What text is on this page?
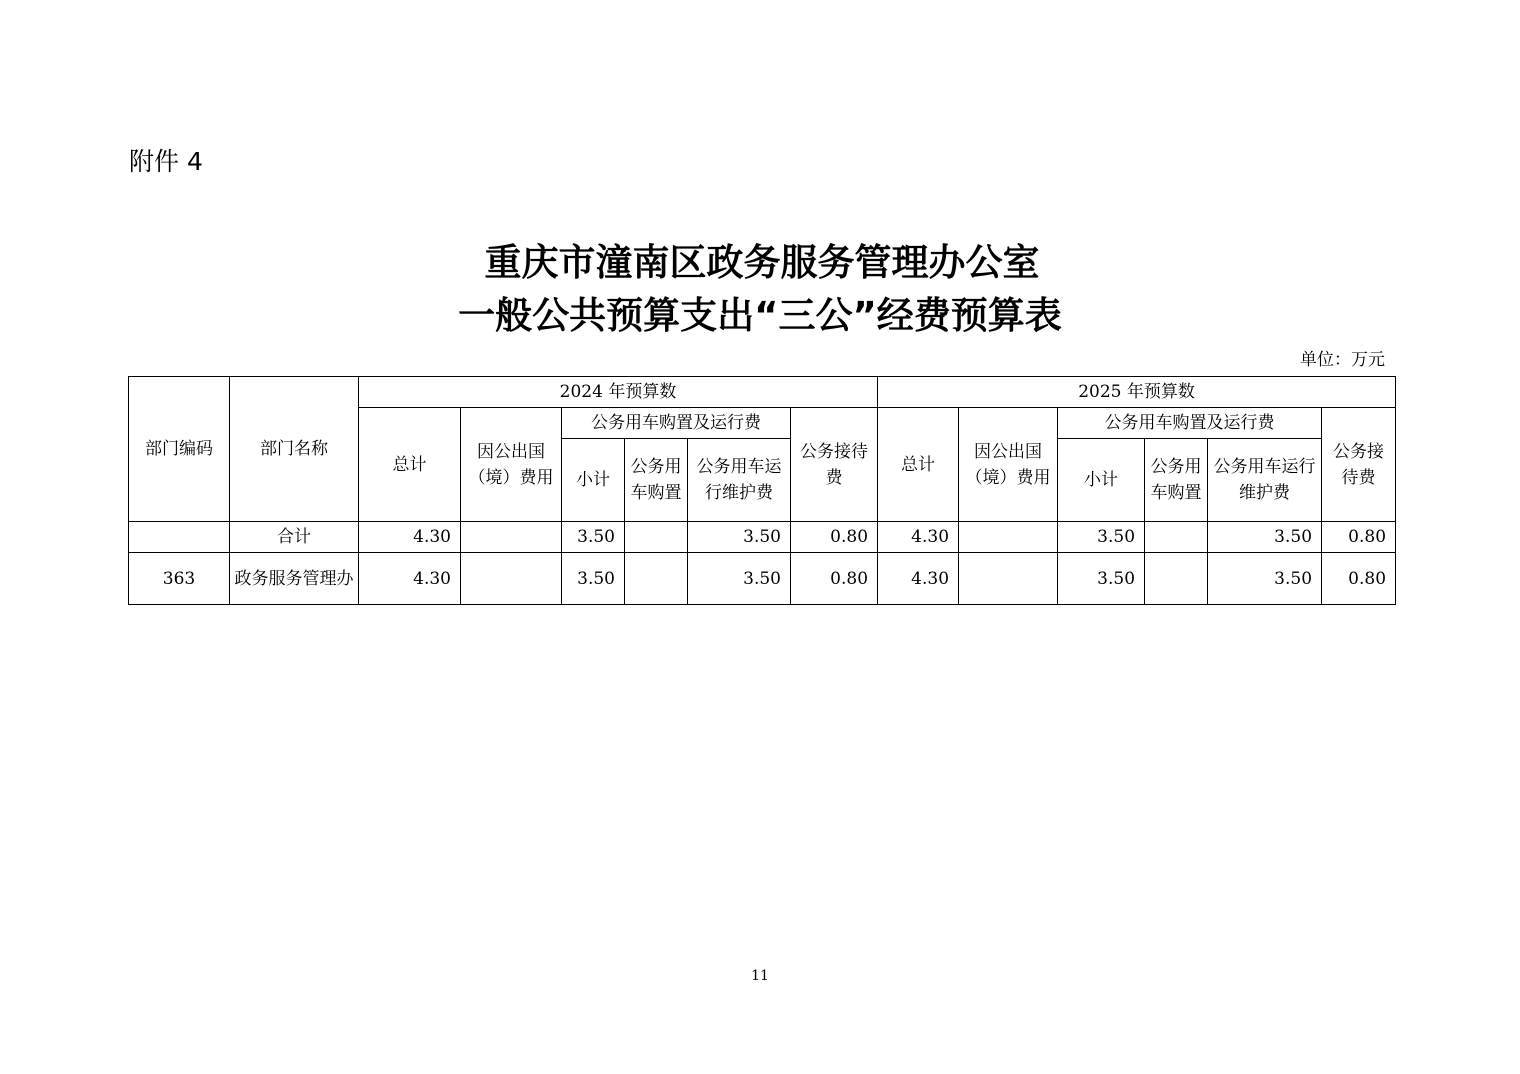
附件 4
重庆市潼南区政务服务管理办公室
一般公共预算支出“三公”经费预算表
单位：万元
部门编码	部门名称	2024 年预算数						2025 年预算数					
		总计	因公出国（境）费用	公务用车购置及运行费			公务接待费	总计	因公出国（境）费用	公务用车购置及运行费			公务接待费
				小计	公务用车购置	公务用车运行维护费				小计	公务用车购置	公务用车运行维护费	
	合计	4.30		3.50		3.50	0.80	4.30		3.50		3.50	0.80
363	政务服务管理办	4.30		3.50		3.50	0.80	4.30		3.50		3.50	0.80
11
